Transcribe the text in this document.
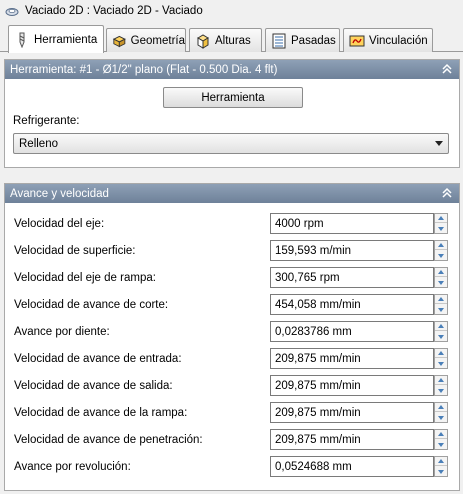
Vaciado 2D : Vaciado 2D - Vaciado
Herramienta	Geometría	Alturas	Pasadas	Vinculación
Herramienta: #1 - Ø1/2" plano (Flat - 0.500 Dia. 4 flt)
Herramienta
Refrigerante:
Relleno
Avance y velocidad
Velocidad del eje:	4000 rpm
Velocidad de superficie:	159,593 m/min
Velocidad del eje de rampa:	300,765 rpm
Velocidad de avance de corte:	454,058 mm/min
Avance por diente:	0,0283786 mm
Velocidad de avance de entrada:	209,875 mm/min
Velocidad de avance de salida:	209,875 mm/min
Velocidad de avance de la rampa:	209,875 mm/min
Velocidad de avance de penetración:	209,875 mm/min
Avance por revolución:	0,0524688 mm
